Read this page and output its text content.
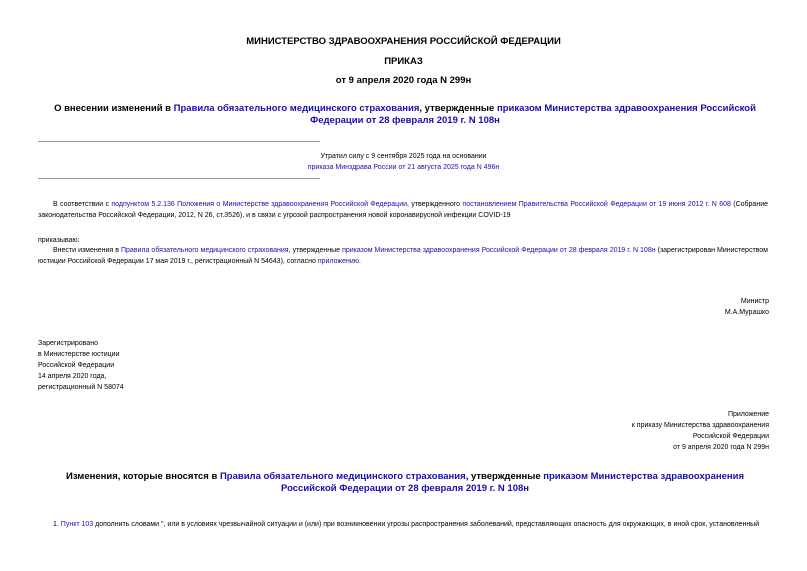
МИНИСТЕРСТВО ЗДРАВООХРАНЕНИЯ РОССИЙСКОЙ ФЕДЕРАЦИИ
ПРИКАЗ
от 9 апреля 2020 года N 299н
О внесении изменений в Правила обязательного медицинского страхования, утвержденные приказом Министерства здравоохранения Российской Федерации от 28 февраля 2019 г. N 108н
Утратил силу с 9 сентября 2025 года на основании
приказа Минздрава России от 21 августа 2025 года N 496н
В соответствии с подпунктом 5.2.136 Положения о Министерстве здравоохранения Российской Федерации, утвержденного постановлением Правительства Российской Федерации от 19 июня 2012 г. N 608 (Собрание законодательства Российской Федерации, 2012, N 26, ст.3526), и в связи с угрозой распространения новой коронавирусной инфекции COVID-19
приказываю:
Внести изменения в Правила обязательного медицинского страхования, утвержденные приказом Министерства здравоохранения Российской Федерации от 28 февраля 2019 г. N 108н (зарегистрирован Министерством юстиции Российской Федерации 17 мая 2019 г., регистрационный N 54643), согласно приложению.
Министр
М.А.Мурашко
Зарегистрировано
в Министерстве юстиции
Российской Федерации
14 апреля 2020 года,
регистрационный N 58074
Приложение
к приказу Министерства здравоохранения
Российской Федерации
от 9 апреля 2020 года N 299н
Изменения, которые вносятся в Правила обязательного медицинского страхования, утвержденные приказом Министерства здравоохранения Российской Федерации от 28 февраля 2019 г. N 108н
1. Пункт 103 дополнить словами ", или в условиях чрезвычайной ситуации и (или) при возникновении угрозы распространения заболеваний, представляющих опасность для окружающих, в иной срок, установленный
